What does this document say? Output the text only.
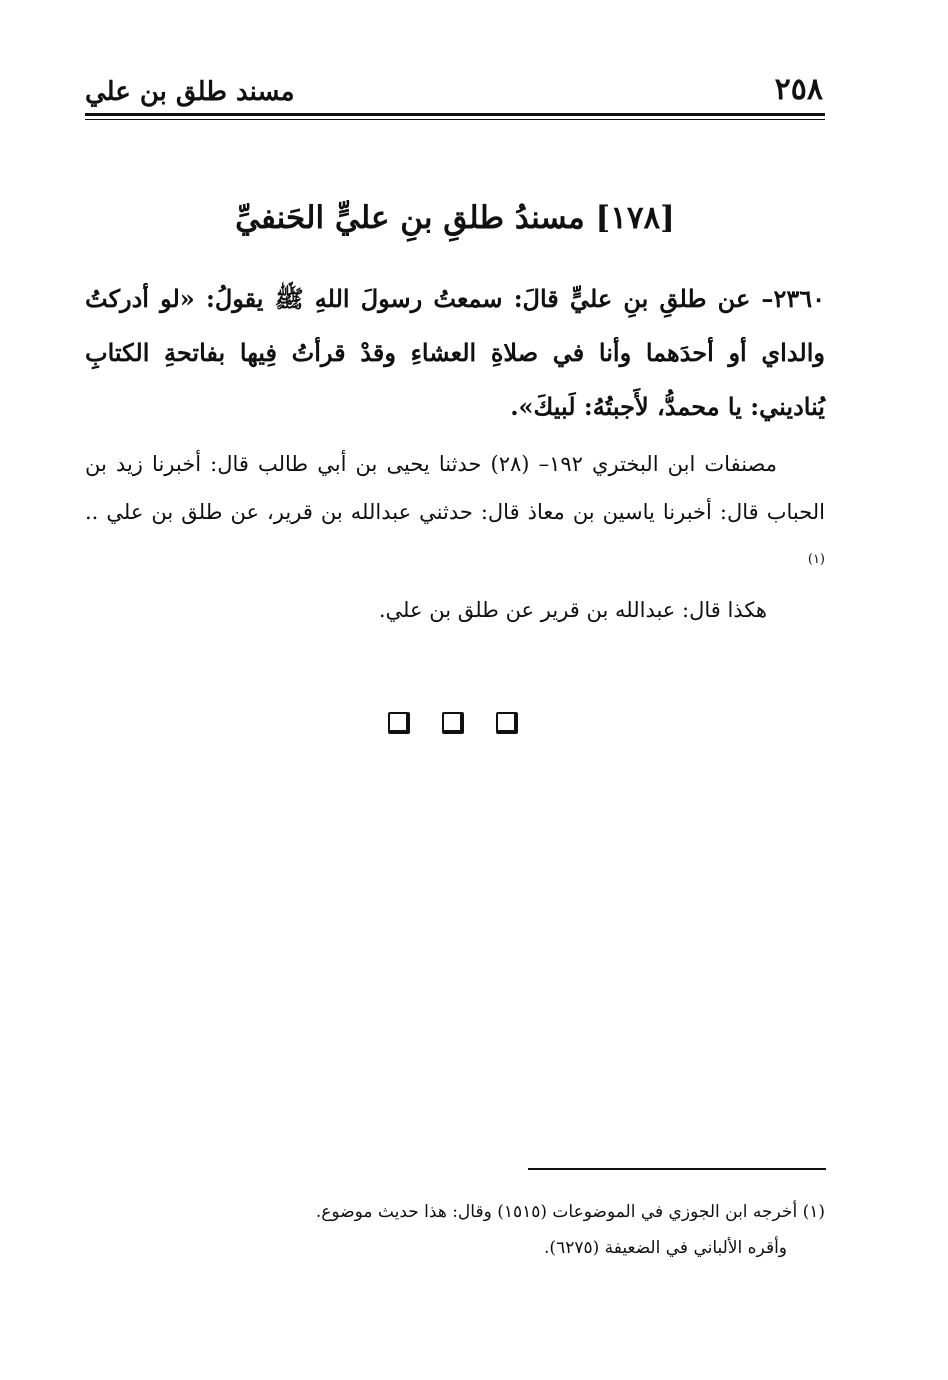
٢٥٨
مسند طلق بن علي
[١٧٨] مسندُ طلقِ بنِ عليٍّ الحَنفيِّ
٢٣٦٠– عن طلقِ بنِ عليٍّ قالَ: سمعتُ رسولَ اللهِ ﷺ يقولُ: «لو أدركتُ والداي أو أحدَهما وأنا في صلاةِ العشاءِ وقدْ قرأتُ فِيها بفاتحةِ الكتابِ يُناديني: يا محمدُّ، لأَجبتُهُ: لَبيكَ».
مصنفات ابن البختري ١٩٢– (٢٨) حدثنا يحيى بن أبي طالب قال: أخبرنا زيد بن الحباب قال: أخبرنا ياسين بن معاذ قال: حدثني عبدالله بن قرير، عن طلق بن علي .. $^{(١)}$
هكذا قال: عبدالله بن قرير عن طلق بن علي.
(١) أخرجه ابن الجوزي في الموضوعات (١٥١٥) وقال: هذا حديث موضوع.
وأقره الألباني في الضعيفة (٦٢٧٥).
